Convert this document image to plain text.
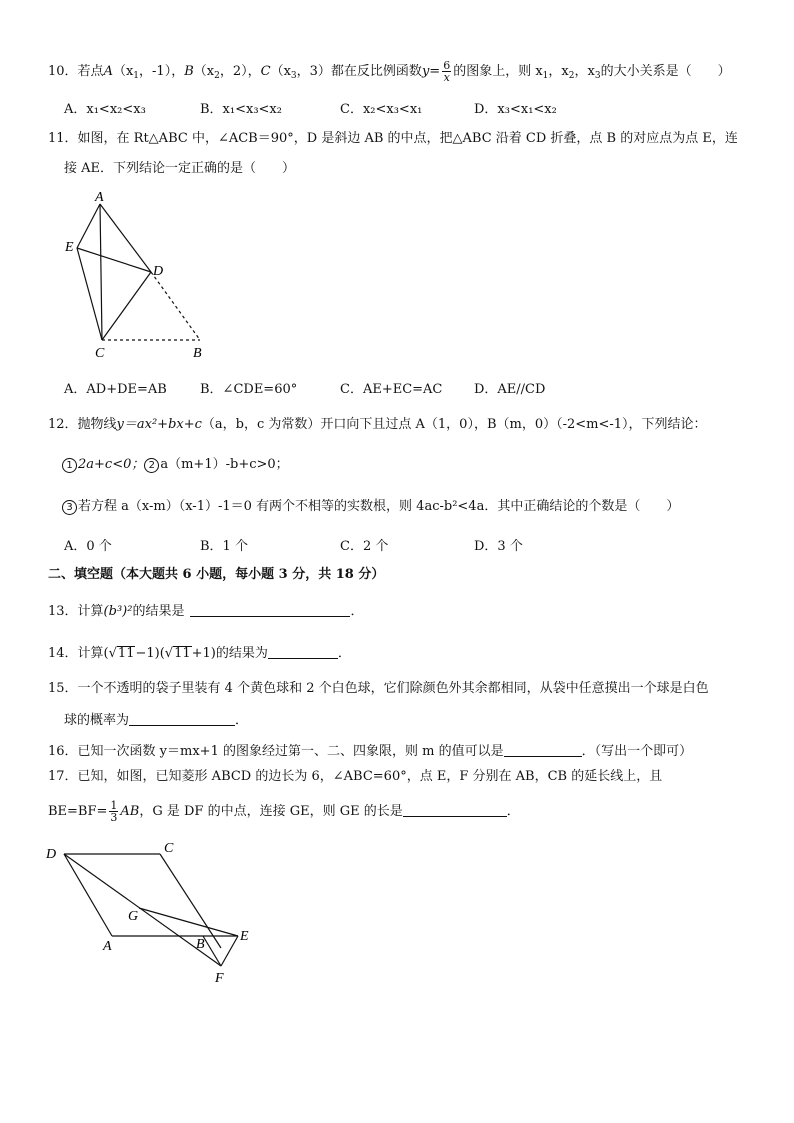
10．若点$A(x_1$，-1），$B(x_2$，2），$C(x_3$，3）都在反比例函数$y= \frac{6}{x}$ 的图象上，则 $x_1$，$x_2$，$x_3$的大小关系是（　　）
A．x₁<x₂<x₃	B．x₁<x₃<x₂	C．x₂<x₃<x₁	D．x₃<x₁<x₂
11．如图，在 Rt△ABC 中，∠ACB＝90°，D 是斜边 AB 的中点，把△ABC 沿着 CD 折叠，点 B 的对应点为点 E，连
接 AE．下列结论一定正确的是（　　）
A
E
D
C	B
A．AD+DE=AB	B．∠CDE=60°	C．AE+EC=AC D．AE//CD
12．抛物线y＝ax²+bx+c（a，b，c 为常数）开口向下且过点 A（1，0），B（m，0）（-2<m<-1），下列结论：
1 2a+c<0； 2 a（m+1）-b+c>0；
3 若方程 a（x-m）（x-1）-1＝0 有两个不相等的实数根，则 4ac-b²<4a．其中正确结论的个数是（　　）
A．0 个	B．1 个	C．2 个	D．3 个
二、填空题（本大题共 6 小题，每小题 3 分，共 18 分）
13．计算(b³)²的结果是	．
14．计算(√11−1)(√11+1)的结果为	．
15．一个不透明的袋子里装有 4 个黄色球和 2 个白色球，它们除颜色外其余都相同，从袋中任意摸出一个球是白色
球的概率为	．
16．已知一次函数 y＝mx+1 的图象经过第一、二、四象限，则 m 的值可以是	．（写出一个即可）
17．已知，如图，已知菱形 ABCD 的边长为 6，∠ABC=60°，点 E，F 分别在 AB，CB 的延长线上，且
$BE=BF= \frac{1}{3}$ AB，G 是 DF 的中点，连接 GE，则 GE 的长是	．
D	C
G
A	B
E
F
